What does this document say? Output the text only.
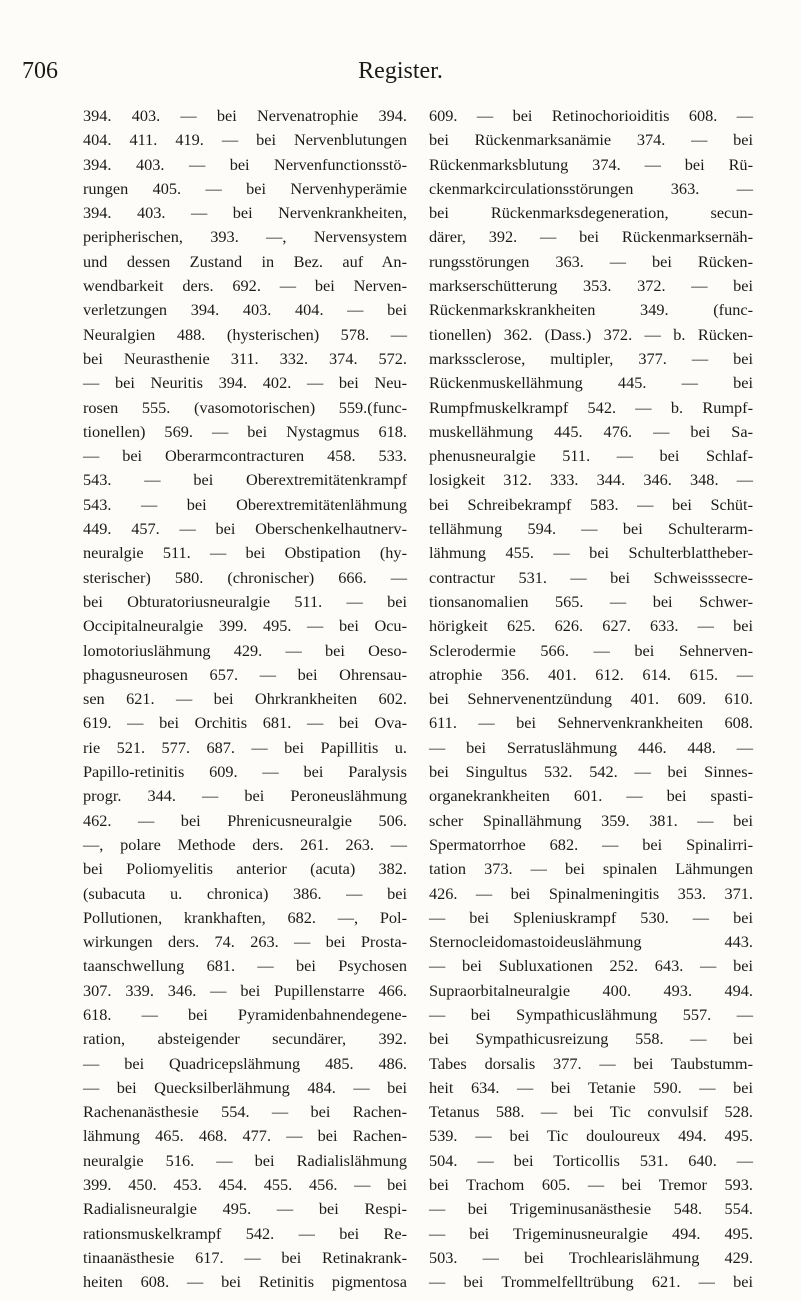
706	Register.
394. 403. — bei Nervenatrophie 394.
404. 411. 419. — bei Nervenblutungen
394. 403. — bei Nervenfunctionsstö-
rungen 405. — bei Nervenhyperämie
394. 403. — bei Nervenkrankheiten,
peripherischen, 393. —, Nervensystem
und dessen Zustand in Bez. auf An-
wendbarkeit ders. 692. — bei Nerven-
verletzungen 394. 403. 404. — bei
Neuralgien 488. (hysterischen) 578. —
bei Neurasthenie 311. 332. 374. 572.
— bei Neuritis 394. 402. — bei Neu-
rosen 555. (vasomotorischen) 559.(func-
tionellen) 569. — bei Nystagmus 618.
— bei Oberarmcontracturen 458. 533.
543. — bei Oberextremitätenkrampf
543. — bei Oberextremitätenlähmung
449. 457. — bei Oberschenkelhautnerv-
neuralgie 511. — bei Obstipation (hy-
sterischer) 580. (chronischer) 666. —
bei Obturatoriusneuralgie 511. — bei
Occipitalneuralgie 399. 495. — bei Ocu-
lomotoriuslähmung 429. — bei Oeso-
phagusneurosen 657. — bei Ohrensau-
sen 621. — bei Ohrkrankheiten 602.
619. — bei Orchitis 681. — bei Ova-
rie 521. 577. 687. — bei Papillitis u.
Papillo-retinitis 609. — bei Paralysis
progr. 344. — bei Peroneuslähmung
462. — bei Phrenicusneuralgie 506.
—, polare Methode ders. 261. 263. —
bei Poliomyelitis anterior (acuta) 382.
(subacuta u. chronica) 386. — bei
Pollutionen, krankhaften, 682. —, Pol-
wirkungen ders. 74. 263. — bei Prosta-
taanschwellung 681. — bei Psychosen
307. 339. 346. — bei Pupillenstarre 466.
618. — bei Pyramidenbahnendegene-
ration, absteigender secundärer, 392.
— bei Quadricepslähmung 485. 486.
— bei Quecksilberlähmung 484. — bei
Rachenanästhesie 554. — bei Rachen-
lähmung 465. 468. 477. — bei Rachen-
neuralgie 516. — bei Radialislähmung
399. 450. 453. 454. 455. 456. — bei
Radialisneuralgie 495. — bei Respi-
rationsmuskelkrampf 542. — bei Re-
tinaanästhesie 617. — bei Retinakrank-
heiten 608. — bei Retinitis pigmentosa
609. — bei Retinochorioiditis 608. —
bei Rückenmarksanämie 374. — bei
Rückenmarksblutung 374. — bei Rü-
ckenmarkcirculationsstörungen 363. —
bei Rückenmarksdegeneration, secun-
därer, 392. — bei Rückenmarksernäh-
rungsstörungen 363. — bei Rücken-
markserschütterung 353. 372. — bei
Rückenmarkskrankheiten 349. (func-
tionellen) 362. (Dass.) 372. — b. Rücken-
markssclerose, multipler, 377. — bei
Rückenmuskellähmung 445. — bei
Rumpfmuskelkrampf 542. — b. Rumpf-
muskellähmung 445. 476. — bei Sa-
phenusneuralgie 511. — bei Schlaf-
losigkeit 312. 333. 344. 346. 348. —
bei Schreibekrampf 583. — bei Schüt-
tellähmung 594. — bei Schulterarm-
lähmung 455. — bei Schulterblattheber-
contractur 531. — bei Schweisssecre-
tionsanomalien 565. — bei Schwer-
hörigkeit 625. 626. 627. 633. — bei
Sclerodermie 566. — bei Sehnerven-
atrophie 356. 401. 612. 614. 615. —
bei Sehnervenentzündung 401. 609. 610.
611. — bei Sehnervenkrankheiten 608.
— bei Serratuslähmung 446. 448. —
bei Singultus 532. 542. — bei Sinnes-
organekrankheiten 601. — bei spasti-
scher Spinallähmung 359. 381. — bei
Spermatorrhoe 682. — bei Spinalirri-
tation 373. — bei spinalen Lähmungen
426. — bei Spinalmeningitis 353. 371.
— bei Spleniuskrampf 530. — bei
Sternocleidomastoideuslähmung 443.
— bei Subluxationen 252. 643. — bei
Supraorbitalneuralgie 400. 493. 494.
— bei Sympathicuslähmung 557. —
bei Sympathicusreizung 558. — bei
Tabes dorsalis 377. — bei Taubstumm-
heit 634. — bei Tetanie 590. — bei
Tetanus 588. — bei Tic convulsif 528.
539. — bei Tic douloureux 494. 495.
504. — bei Torticollis 531. 640. —
bei Trachom 605. — bei Tremor 593.
— bei Trigeminusanästhesie 548. 554.
— bei Trigeminusneuralgie 494. 495.
503. — bei Trochlearislähmung 429.
— bei Trommelfelltrübung 621. — bei
